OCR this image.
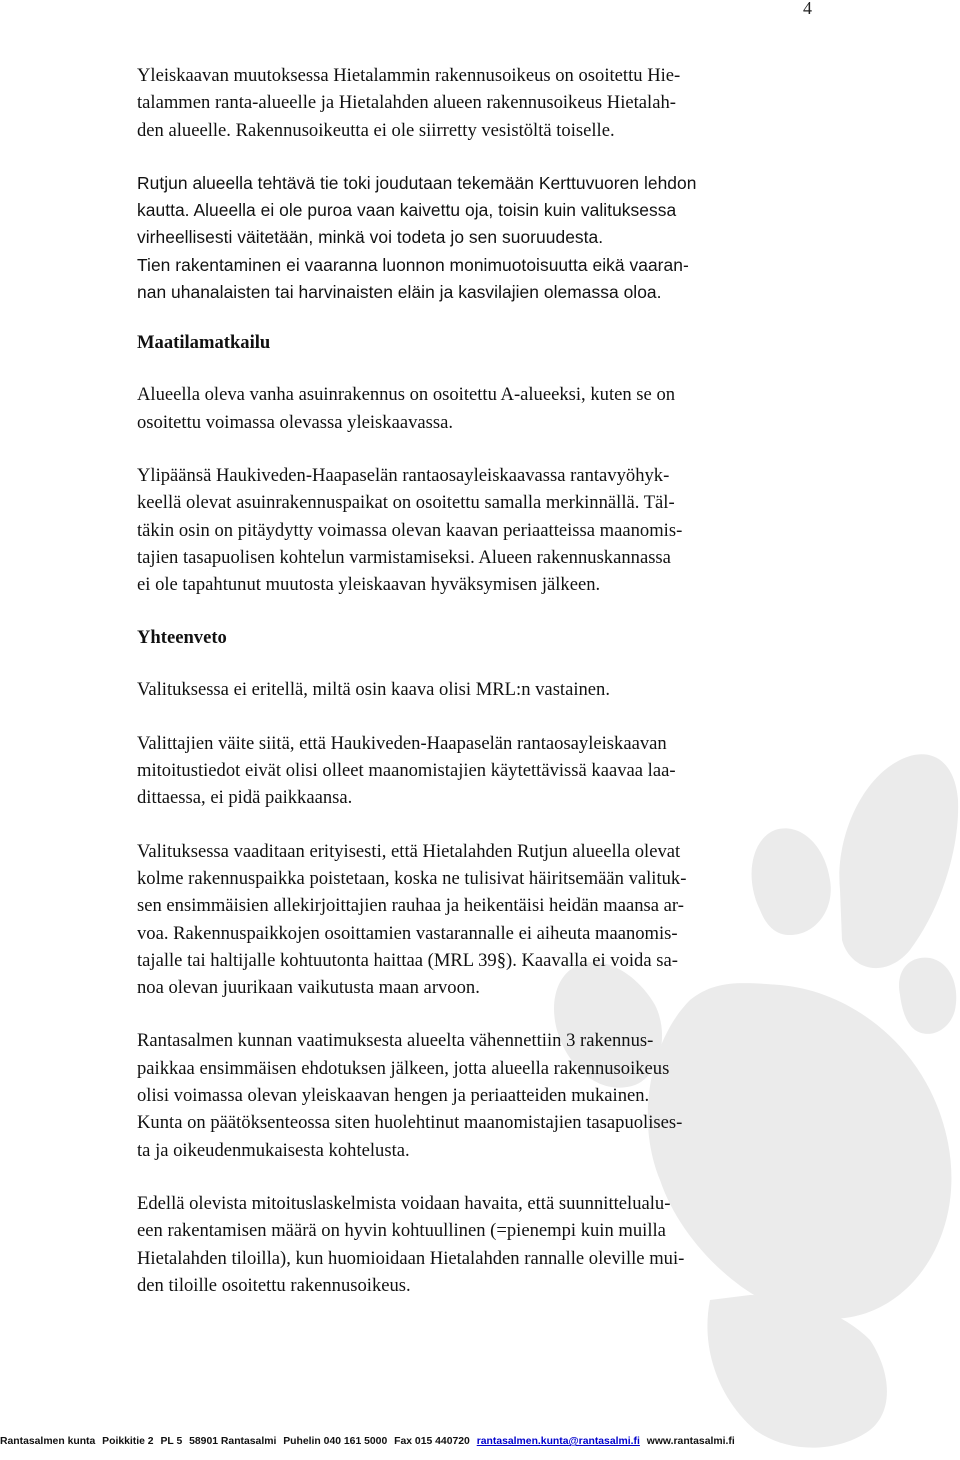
4
Yleiskaavan muutoksessa Hietalammin rakennusoikeus on osoitettu Hie-
talammen ranta-alueelle ja Hietalahden alueen rakennusoikeus Hietalah-
den alueelle. Rakennusoikeutta ei ole siirretty vesistöltä toiselle.
Rutjun alueella tehtävä tie toki joudutaan tekemään Kerttuvuoren lehdon
kautta. Alueella ei ole puroa vaan kaivettu oja, toisin kuin valituksessa
virheellisesti väitetään, minkä voi todeta jo sen suoruudesta.
Tien rakentaminen ei vaaranna luonnon monimuotoisuutta eikä vaaran-
nan uhanalaisten tai harvinaisten eläin ja kasvilajien olemassa oloa.
Maatilamatkailu
Alueella oleva vanha asuinrakennus on osoitettu A-alueeksi, kuten se on
osoitettu voimassa olevassa yleiskaavassa.
Ylipäänsä Haukiveden-Haapaselän rantaosayleiskaavassa rantavyöhyk-
keellä olevat asuinrakennuspaikat on osoitettu samalla merkinnällä. Täl-
täkin osin on pitäydytty voimassa olevan kaavan periaatteissa maanomis-
tajien tasapuolisen kohtelun varmistamiseksi. Alueen rakennuskannassa
ei ole tapahtunut muutosta yleiskaavan hyväksymisen jälkeen.
Yhteenveto
Valituksessa ei eritellä, miltä osin kaava olisi MRL:n vastainen.
Valittajien väite siitä, että Haukiveden-Haapaselän rantaosayleiskaavan
mitoitustiedot eivät olisi olleet maanomistajien käytettävissä kaavaa laa-
dittaessa, ei pidä paikkaansa.
Valituksessa vaaditaan erityisesti, että Hietalahden Rutjun alueella olevat
kolme rakennuspaikka poistetaan, koska ne tulisivat häiritsemään valituk-
sen ensimmäisien allekirjoittajien rauhaa ja heikentäisi heidän maansa ar-
voa. Rakennuspaikkojen osoittamien vastarannalle ei aiheuta maanomis-
tajalle tai haltijalle kohtuutonta haittaa (MRL 39§). Kaavalla ei voida sa-
noa olevan juurikaan vaikutusta maan arvoon.
Rantasalmen kunnan vaatimuksesta alueelta vähennettiin 3 rakennus-
paikkaa ensimmäisen ehdotuksen jälkeen, jotta alueella rakennusoikeus
olisi voimassa olevan yleiskaavan hengen ja periaatteiden mukainen.
Kunta on päätöksenteossa siten huolehtinut maanomistajien tasapuolises-
ta ja oikeudenmukaisesta kohtelusta.
Edellä olevista mitoituslaskelmista voidaan havaita, että suunnittelualu-
een rakentamisen määrä on hyvin kohtuullinen (=pienempi kuin muilla
Hietalahden tiloilla), kun huomioidaan Hietalahden rannalle oleville mui-
den tiloille osoitettu rakennusoikeus.
Rantasalmen kunta Poikkitie 2 PL 5 58901 Rantasalmi Puhelin 040 161 5000 Fax 015 440720 rantasalmen.kunta@rantasalmi.fi www.rantasalmi.fi
